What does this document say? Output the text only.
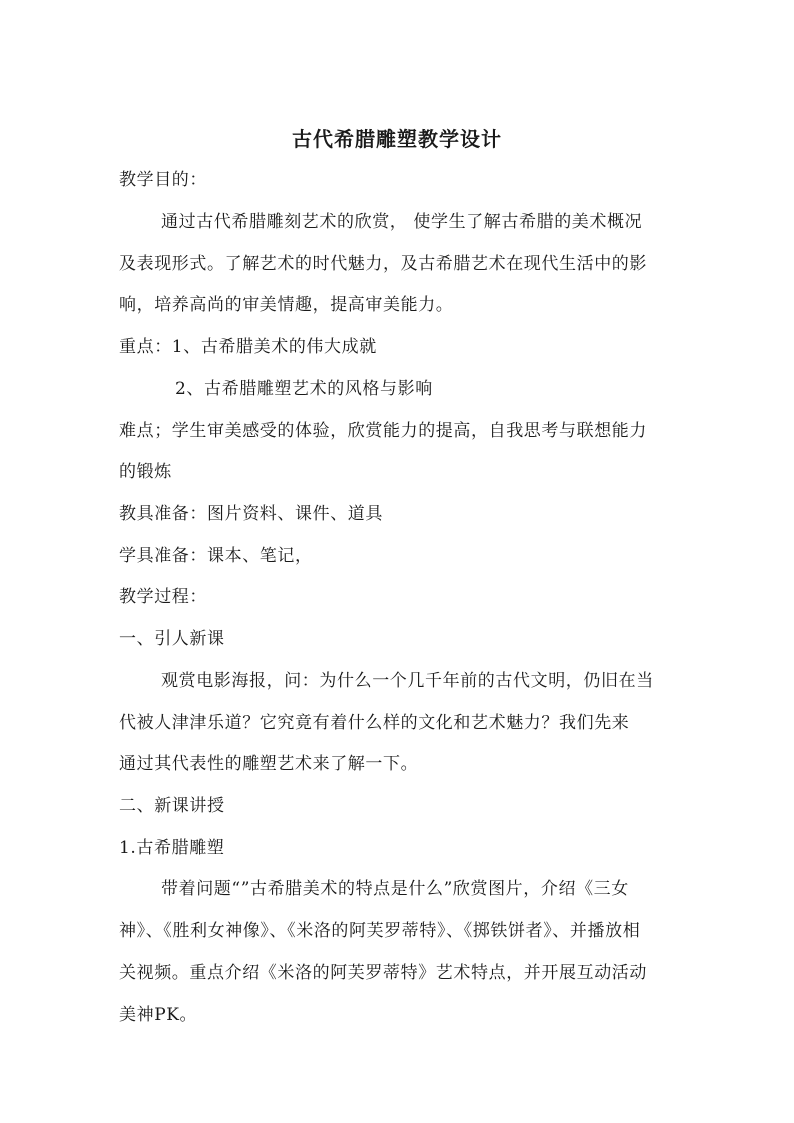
古代希腊雕塑教学设计
教学目的：
通过古代希腊雕刻艺术的欣赏， 使学生了解古希腊的美术概况
及表现形式。了解艺术的时代魅力，及古希腊艺术在现代生活中的影
响，培养高尚的审美情趣，提高审美能力。
重点：1、古希腊美术的伟大成就
2、古希腊雕塑艺术的风格与影响
难点；学生审美感受的体验，欣赏能力的提高，自我思考与联想能力
的锻炼
教具准备：图片资料、课件、道具
学具准备：课本、笔记，
教学过程：
一、引人新课
观赏电影海报，问：为什么一个几千年前的古代文明，仍旧在当
代被人津津乐道？它究竟有着什么样的文化和艺术魅力？我们先来
通过其代表性的雕塑艺术来了解一下。
二、新课讲授
1.古希腊雕塑
带着问题“”古希腊美术的特点是什么”欣赏图片，介绍《三女
神》、《胜利女神像》、《米洛的阿芙罗蒂特》、《掷铁饼者》、并播放相
关视频。重点介绍《米洛的阿芙罗蒂特》艺术特点，并开展互动活动
美神PK。
